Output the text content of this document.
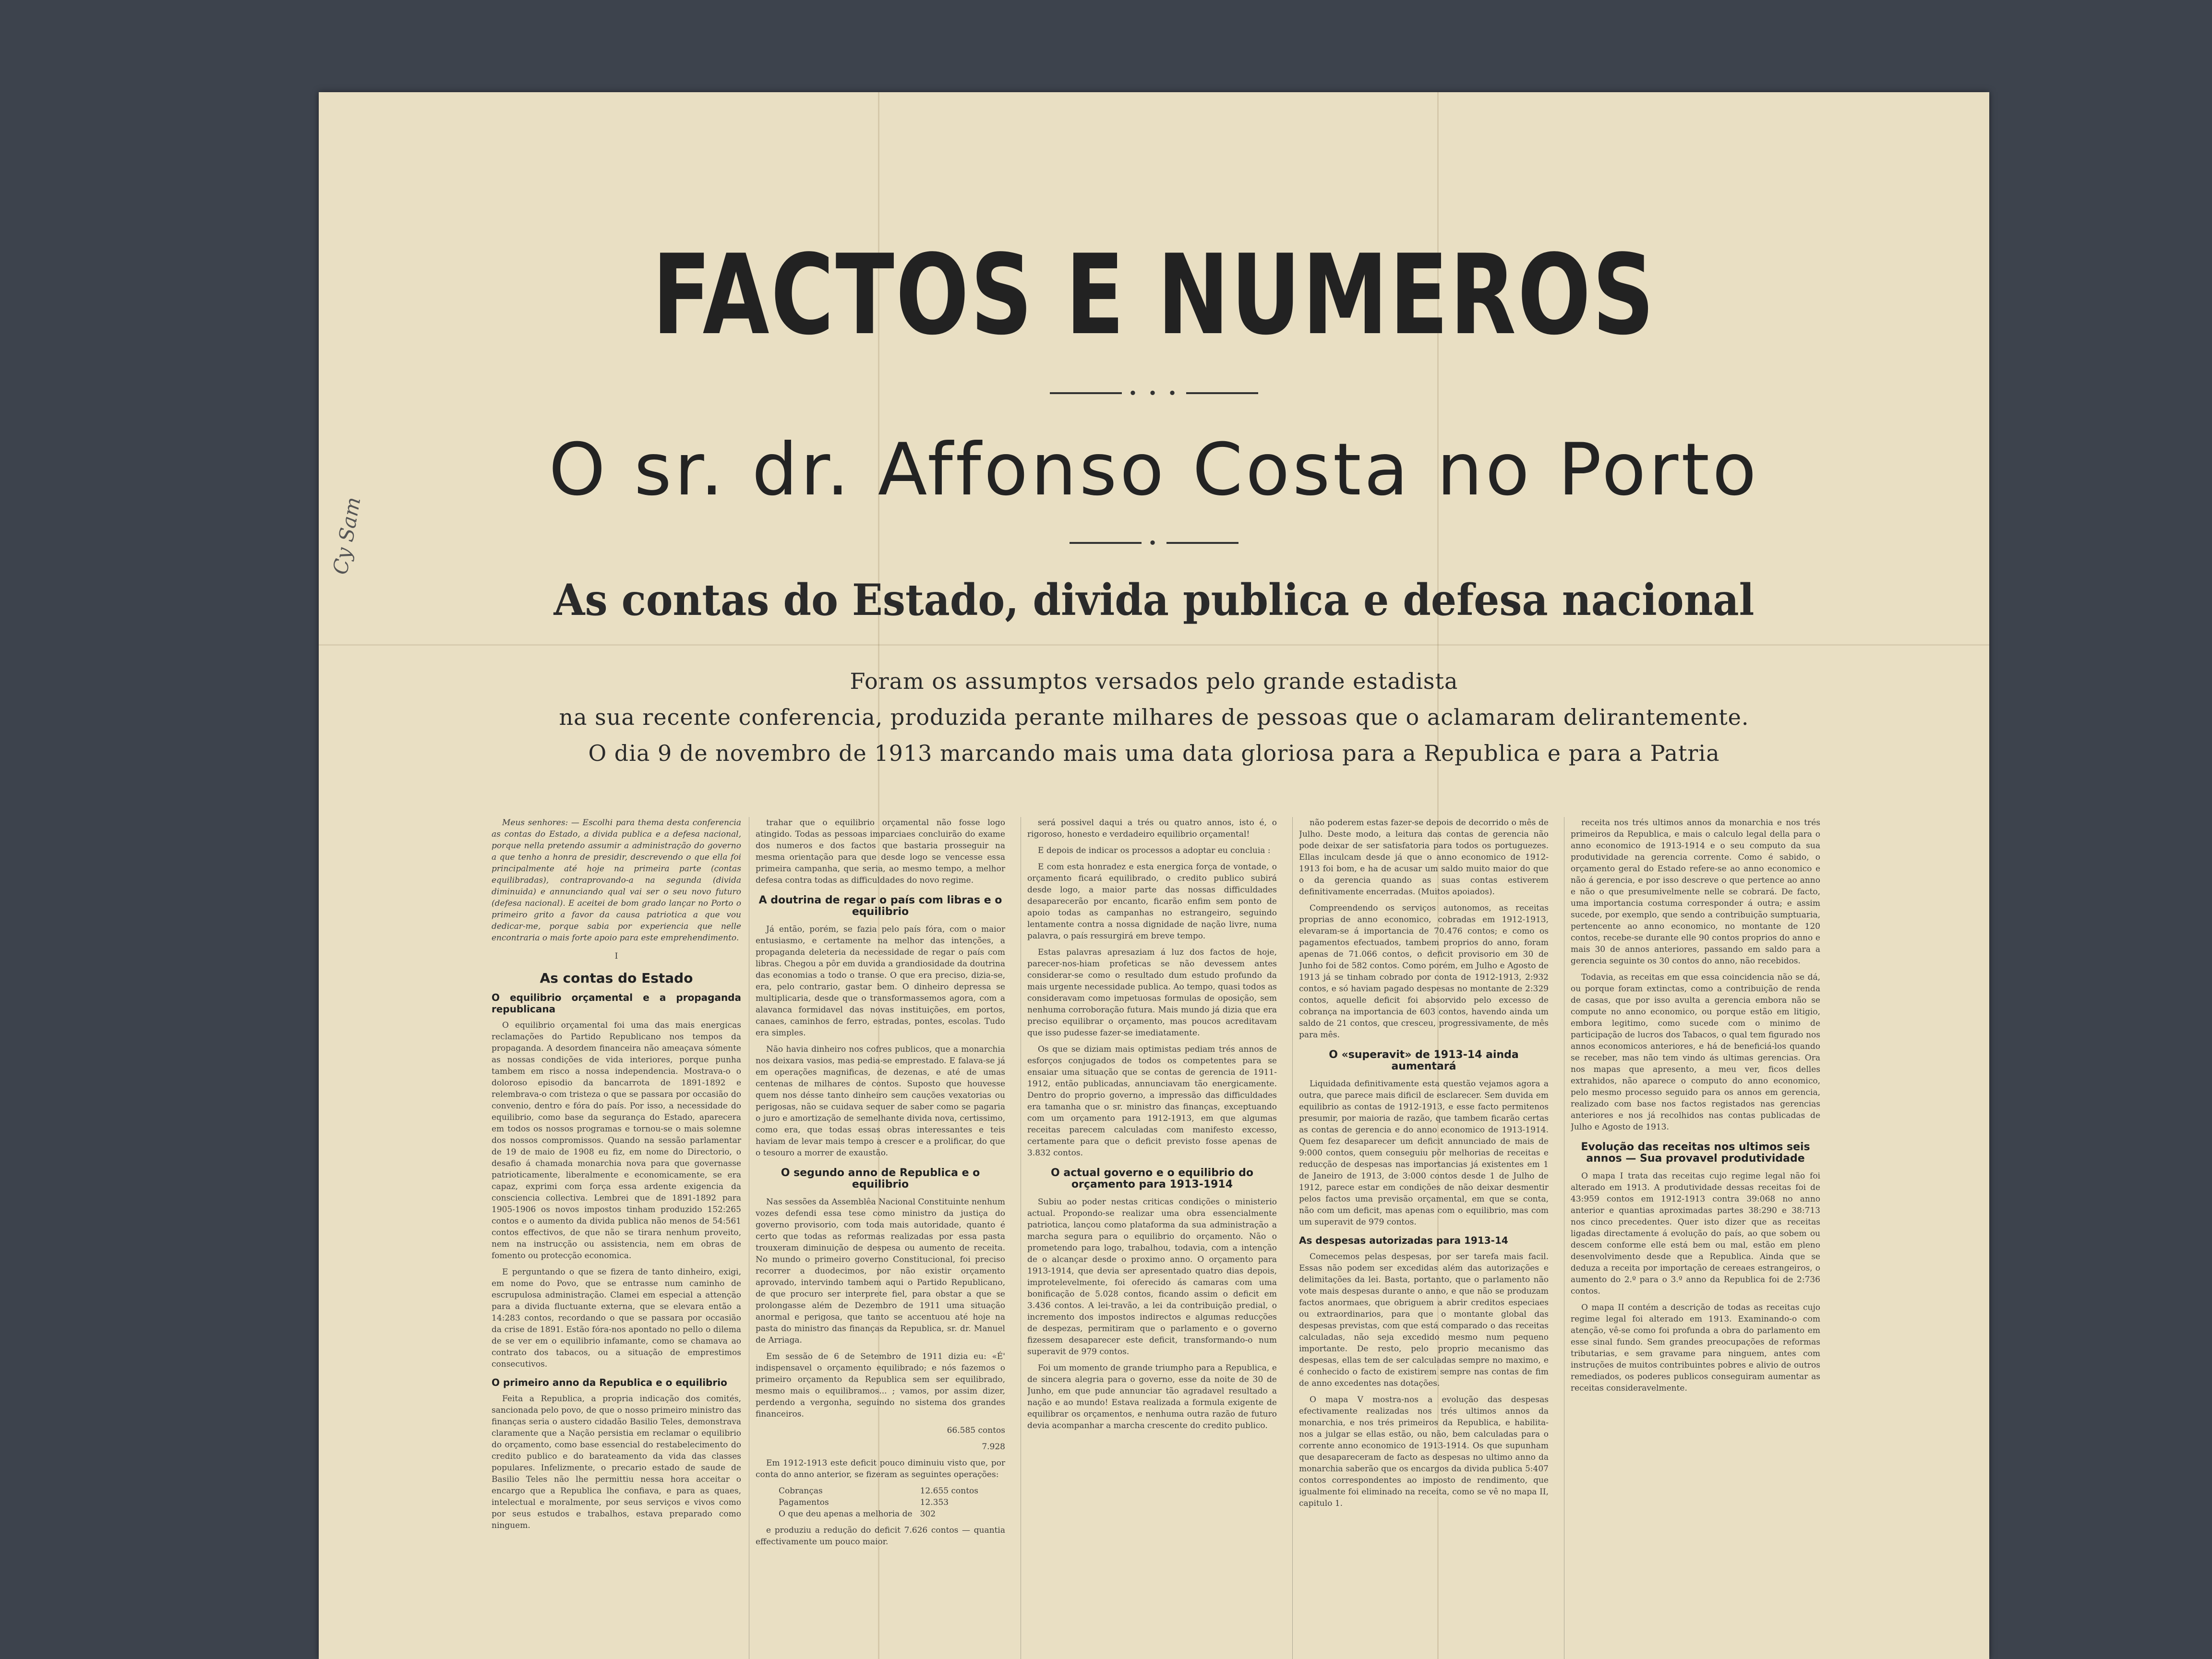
Cy Sam
FACTOS E NUMEROS
• • •
O sr. dr. Affonso Costa no Porto
•
As contas do Estado, divida publica e defesa nacional
Foram os assumptos versados pelo grande estadista
na sua recente conferencia, produzida perante milhares de pessoas que o aclamaram delirantemente.
O dia 9 de novembro de 1913 marcando mais uma data gloriosa para a Republica e para a Patria

Meus senhores: — Escolhi para thema desta conferencia as contas do Estado, a divida publica e a defesa nacional, porque nella pretendo assumir a administração do governo a que tenho a honra de presidir, descrevendo o que ella foi principalmente até hoje na primeira parte (contas equilibradas), contraprovando-a na segunda (divida diminuida) e annunciando qual vai ser o seu novo futuro (defesa nacional). E aceitei de bom grado lançar no Porto o primeiro grito a favor da causa patriotica a que vou dedicar-me, porque sabia por experiencia que nelle encontraria o mais forte apoio para este emprehendimento.

I

As contas do Estado

O equilibrio orçamental e a propaganda republicana

O equilibrio orçamental foi uma das mais energicas reclamações do Partido Republicano nos tempos da propaganda. A desordem financeira não ameaçava sómente as nossas condições de vida interiores, porque punha tambem em risco a nossa independencia. Mostrava-o o doloroso episodio da bancarrota de 1891-1892 e relembrava-o com tristeza o que se passara por occasião do convenio, dentro e fóra do país. Por isso, a necessidade do equilibrio, como base da segurança do Estado, aparecera em todos os nossos programas e tornou-se o mais solemne dos nossos compromissos. Quando na sessão parlamentar de 19 de maio de 1908 eu fiz, em nome do Directorio, o desafio á chamada monarchia nova para que governasse patrioticamente, liberalmente e economicamente, se era capaz, exprimi com força essa ardente exigencia da consciencia collectiva. Lembrei que de 1891-1892 para 1905-1906 os novos impostos tinham produzido 152:265 contos e o aumento da divida publica não menos de 54:561 contos effectivos, de que não se tirara nenhum proveito, nem na instrucção ou assistencia, nem em obras de fomento ou protecção economica.

E perguntando o que se fizera de tanto dinheiro, exigi, em nome do Povo, que se entrasse num caminho de escrupulosa administração. Clamei em especial a attenção para a divida fluctuante externa, que se elevara então a 14:283 contos, recordando o que se passara por occasião da crise de 1891. Estão fóra-nos apontado no pello o dilema de se ver em o equilibrio infamante, como se chamava ao contrato dos tabacos, ou a situação de emprestimos consecutivos.

O primeiro anno da Republica e o equilibrio

Feita a Republica, a propria indicação dos comités, sancionada pelo povo, de que o nosso primeiro ministro das finanças seria o austero cidadão Basilio Teles, demonstrava claramente que a Nação persistia em reclamar o equilibrio do orçamento, como base essencial do restabelecimento do credito publico e do barateamento da vida das classes populares. Infelizmente, o precario estado de saude de Basilio Teles não lhe permittiu nessa hora acceitar o encargo que a Republica lhe confiava, e para as quaes, intelectual e moralmente, por seus serviços e vivos como por seus estudos e trabalhos, estava preparado como ninguem.

trahar que o equilibrio orçamental não fosse logo atingido. Todas as pessoas imparciaes concluirão do exame dos numeros e dos factos que bastaria prosseguir na mesma orientação para que desde logo se vencesse essa primeira campanha, que seria, ao mesmo tempo, a melhor defesa contra todas as difficuldades do novo regime.

A doutrina de regar o país com libras e o equilibrio

Já então, porém, se fazia pelo país fóra, com o maior entusiasmo, e certamente na melhor das intenções, a propaganda deleteria da necessidade de regar o país com libras. Chegou a pôr em duvida a grandiosidade da doutrina das economias a todo o transe. O que era preciso, dizia-se, era, pelo contrario, gastar bem. O dinheiro depressa se multiplicaria, desde que o transformassemos agora, com a alavanca formidavel das novas instituições, em portos, canaes, caminhos de ferro, estradas, pontes, escolas. Tudo era simples.

Não havia dinheiro nos cofres publicos, que a monarchia nos deixara vasios, mas pedia-se emprestado. E falava-se já em operações magnificas, de dezenas, e até de umas centenas de milhares de contos. Suposto que houvesse quem nos désse tanto dinheiro sem cauções vexatorias ou perigosas, não se cuidava sequer de saber como se pagaria o juro e amortização de semelhante divida nova, certissimo, como era, que todas essas obras interessantes e teis haviam de levar mais tempo a crescer e a prolificar, do que o tesouro a morrer de exaustão.

O segundo anno de Republica e o equilibrio

Nas sessões da Assemblêa Nacional Constituinte nenhum vozes defendi essa tese como ministro da justiça do governo provisorio, com toda mais autoridade, quanto é certo que todas as reformas realizadas por essa pasta trouxeram diminuição de despesa ou aumento de receita. No mundo o primeiro governo Constitucional, foi preciso recorrer a duodecimos, por não existir orçamento aprovado, intervindo tambem aqui o Partido Republicano, de que procuro ser interprete fiel, para obstar a que se prolongasse além de Dezembro de 1911 uma situação anormal e perigosa, que tanto se accentuou até hoje na pasta do ministro das finanças da Republica, sr. dr. Manuel de Arriaga.

Em sessão de 6 de Setembro de 1911 dizia eu: «É' indispensavel o orçamento equilibrado; e nós fazemos o primeiro orçamento da Republica sem ser equilibrado, mesmo mais o equilibramos... ; vamos, por assim dizer, perdendo a vergonha, seguindo no sistema dos grandes financeiros.

66.585 contos

7.928

Em 1912-1913 este deficit pouco diminuiu visto que, por conta do anno anterior, se fizeram as seguintes operações:

Cobranças	12.655 contos
Pagamentos	12.353
O que deu apenas a melhoria de	302

e produziu a redução do deficit 7.626 contos — quantia effectivamente um pouco maior.

será possivel daqui a trés ou quatro annos, isto é, o rigoroso, honesto e verdadeiro equilibrio orçamental!

E depois de indicar os processos a adoptar eu concluia :

E com esta honradez e esta energica força de vontade, o orçamento ficará equilibrado, o credito publico subirá desde logo, a maior parte das nossas difficuldades desaparecerão por encanto, ficarão enfim sem ponto de apoio todas as campanhas no estrangeiro, seguindo lentamente contra a nossa dignidade de nação livre, numa palavra, o país ressurgirá em breve tempo.

Estas palavras apresaziam á luz dos factos de hoje, parecer-nos-hiam profeticas se não devessem antes considerar-se como o resultado dum estudo profundo da mais urgente necessidade publica. Ao tempo, quasi todos as consideravam como impetuosas formulas de oposição, sem nenhuma corroboração futura. Mais mundo já dizia que era preciso equilibrar o orçamento, mas poucos acreditavam que isso pudesse fazer-se imediatamente.

Os que se diziam mais optimistas pediam trés annos de esforços conjugados de todos os competentes para se ensaiar uma situação que se contas de gerencia de 1911-1912, então publicadas, annunciavam tão energicamente. Dentro do proprio governo, a impressão das difficuldades era tamanha que o sr. ministro das finanças, exceptuando com um orçamento para 1912-1913, em que algumas receitas parecem calculadas com manifesto excesso, certamente para que o deficit previsto fosse apenas de 3.832 contos.

O actual governo e o equilibrio do orçamento para 1913-1914

Subiu ao poder nestas criticas condições o ministerio actual. Propondo-se realizar uma obra essencialmente patriotica, lançou como plataforma da sua administração a marcha segura para o equilibrio do orçamento. Não o prometendo para logo, trabalhou, todavia, com a intenção de o alcançar desde o proximo anno. O orçamento para 1913-1914, que devia ser apresentado quatro dias depois, improtelevelmente, foi oferecido ás camaras com uma bonificação de 5.028 contos, ficando assim o deficit em 3.436 contos. A lei-travão, a lei da contribuição predial, o incremento dos impostos indirectos e algumas reducções de despezas, permitiram que o parlamento e o governo fizessem desaparecer este deficit, transformando-o num superavit de 979 contos.

Foi um momento de grande triumpho para a Republica, e de sincera alegria para o governo, esse da noite de 30 de Junho, em que pude annunciar tão agradavel resultado a nação e ao mundo! Estava realizada a formula exigente de equilibrar os orçamentos, e nenhuma outra razão de futuro devia acompanhar a marcha crescente do credito publico.

não poderem estas fazer-se depois de decorrido o mês de Julho. Deste modo, a leitura das contas de gerencia não pode deixar de ser satisfatoria para todos os portuguezes. Ellas inculcam desde já que o anno economico de 1912-1913 foi bom, e ha de acusar um saldo muito maior do que o da gerencia quando as suas contas estiverem definitivamente encerradas. (Muitos apoiados).

Compreendendo os serviços autonomos, as receitas proprias de anno economico, cobradas em 1912-1913, elevaram-se á importancia de 70.476 contos; e como os pagamentos efectuados, tambem proprios do anno, foram apenas de 71.066 contos, o deficit provisorio em 30 de Junho foi de 582 contos. Como porém, em Julho e Agosto de 1913 já se tinham cobrado por conta de 1912-1913, 2:932 contos, e só haviam pagado despesas no montante de 2:329 contos, aquelle deficit foi absorvido pelo excesso de cobrança na importancia de 603 contos, havendo ainda um saldo de 21 contos, que cresceu, progressivamente, de mês para mês.

O «superavit» de 1913-14 ainda aumentará

Liquidada definitivamente esta questão vejamos agora a outra, que parece mais dificil de esclarecer. Sem duvida em equilibrio as contas de 1912-1913, e esse facto permitenos presumir, por maioria de razão, que tambem ficarão certas as contas de gerencia e do anno economico de 1913-1914. Quem fez desaparecer um deficit annunciado de mais de 9:000 contos, quem conseguiu pôr melhorias de receitas e reducção de despesas nas importancias já existentes em 1 de Janeiro de 1913, de 3:000 contos desde 1 de Julho de 1912, parece estar em condições de não deixar desmentir pelos factos uma previsão orçamental, em que se conta, não com um deficit, mas apenas com o equilibrio, mas com um superavit de 979 contos.

As despesas autorizadas para 1913-14

Comecemos pelas despesas, por ser tarefa mais facil. Essas não podem ser excedidas além das autorizações e delimitações da lei. Basta, portanto, que o parlamento não vote mais despesas durante o anno, e que não se produzam factos anormaes, que obriguem a abrir creditos especiaes ou extraordinarios, para que o montante global das despesas previstas, com que está comparado o das receitas calculadas, não seja excedido mesmo num pequeno importante. De resto, pelo proprio mecanismo das despesas, ellas tem de ser calculadas sempre no maximo, e é conhecido o facto de existirem sempre nas contas de fim de anno excedentes nas dotações.

O mapa V mostra-nos a evolução das despesas efectivamente realizadas nos trés ultimos annos da monarchia, e nos trés primeiros da Republica, e habilita-nos a julgar se ellas estão, ou não, bem calculadas para o corrente anno economico de 1913-1914. Os que supunham que desapareceram de facto as despesas no ultimo anno da monarchia saberão que os encargos da divida publica 5:407 contos correspondentes ao imposto de rendimento, que igualmente foi eliminado na receita, como se vê no mapa II, capitulo 1.

receita nos trés ultimos annos da monarchia e nos trés primeiros da Republica, e mais o calculo legal della para o anno economico de 1913-1914 e o seu computo da sua produtividade na gerencia corrente. Como é sabido, o orçamento geral do Estado refere-se ao anno economico e não á gerencia, e por isso descreve o que pertence ao anno e não o que presumivelmente nelle se cobrará. De facto, uma importancia costuma corresponder á outra; e assim sucede, por exemplo, que sendo a contribuição sumptuaria, pertencente ao anno economico, no montante de 120 contos, recebe-se durante elle 90 contos proprios do anno e mais 30 de annos anteriores, passando em saldo para a gerencia seguinte os 30 contos do anno, não recebidos.

Todavia, as receitas em que essa coincidencia não se dá, ou porque foram extinctas, como a contribuição de renda de casas, que por isso avulta a gerencia embora não se compute no anno economico, ou porque estão em litigio, embora legitimo, como sucede com o minimo de participação de lucros dos Tabacos, o qual tem figurado nos annos economicos anteriores, e há de beneficiá-los quando se receber, mas não tem vindo ás ultimas gerencias. Ora nos mapas que apresento, a meu ver, ficos delles extrahidos, não aparece o computo do anno economico, pelo mesmo processo seguido para os annos em gerencia, realizado com base nos factos registados nas gerencias anteriores e nos já recolhidos nas contas publicadas de Julho e Agosto de 1913.

Evolução das receitas nos ultimos seis annos — Sua provavel produtividade

O mapa I trata das receitas cujo regime legal não foi alterado em 1913. A produtividade dessas receitas foi de 43:959 contos em 1912-1913 contra 39:068 no anno anterior e quantias aproximadas partes 38:290 e 38:713 nos cinco precedentes. Quer isto dizer que as receitas ligadas directamente á evolução do país, ao que sobem ou descem conforme elle está bem ou mal, estão em pleno desenvolvimento desde que a Republica. Ainda que se deduza a receita por importação de cereaes estrangeiros, o aumento do 2.º para o 3.º anno da Republica foi de 2:736 contos.

O mapa II contém a descrição de todas as receitas cujo regime legal foi alterado em 1913. Examinando-o com atenção, vê-se como foi profunda a obra do parlamento em esse sinal fundo. Sem grandes preocupações de reformas tributarias, e sem gravame para ninguem, antes com instruções de muitos contribuintes pobres e alivio de outros remediados, os poderes publicos conseguiram aumentar as receitas consideravelmente.
